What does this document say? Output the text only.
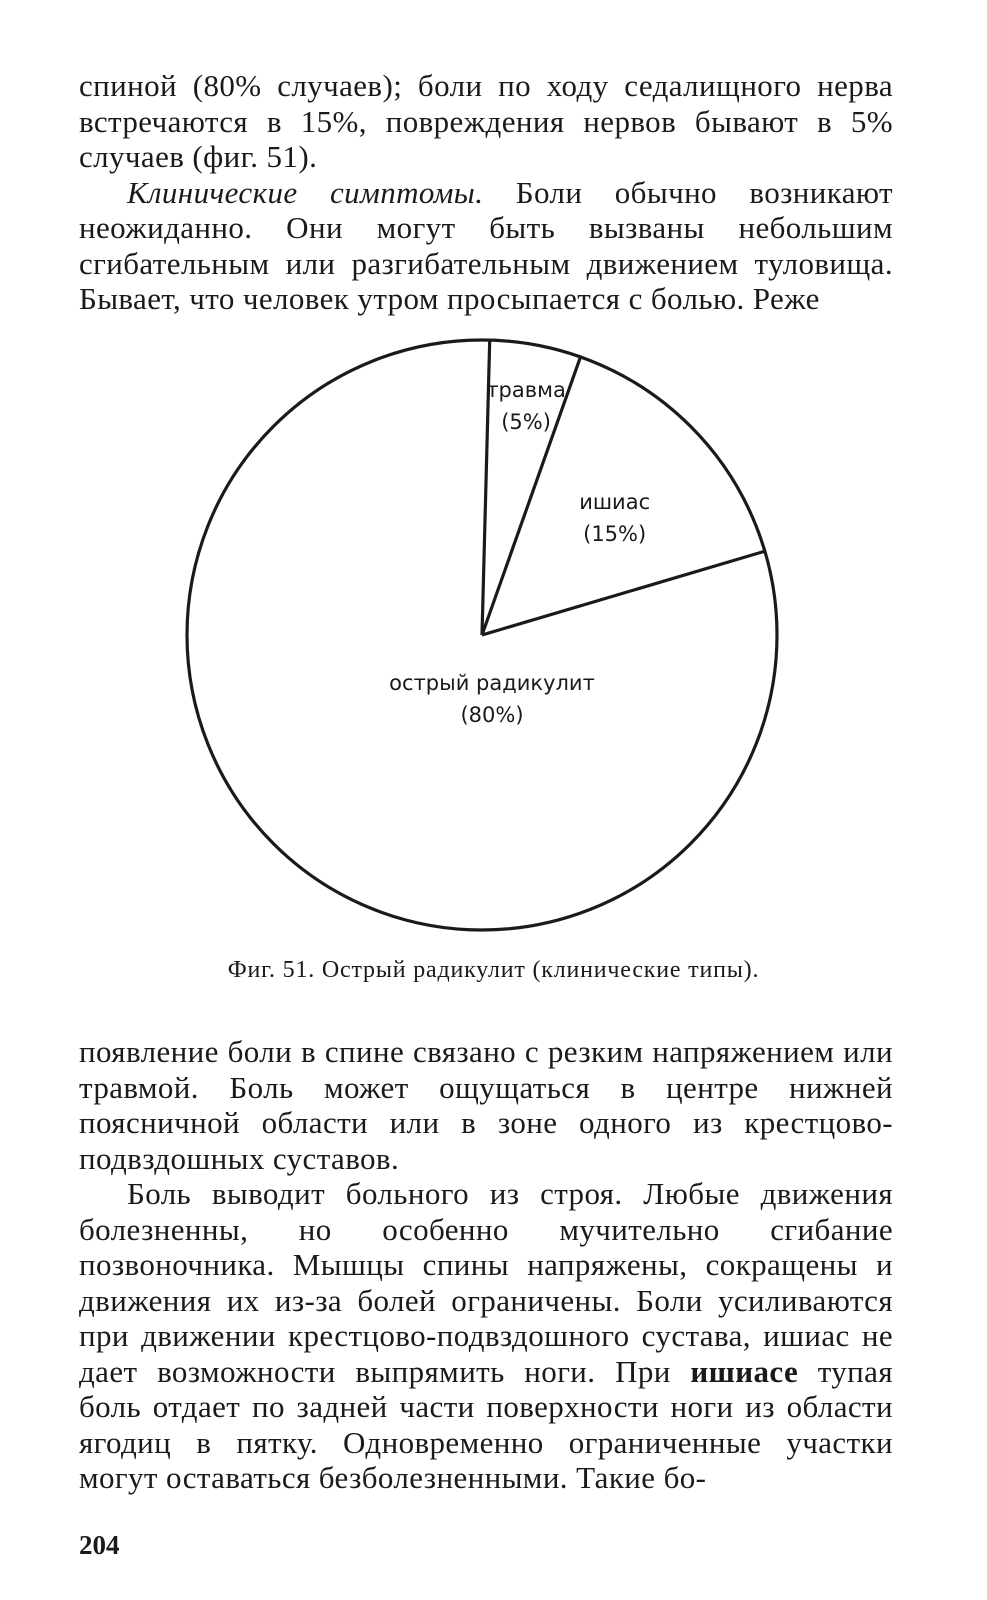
спиной (80% случаев); боли по ходу седалищного нерва встречаются в 15%, повреждения нервов бывают в 5% случаев (фиг. 51).

Клинические симптомы. Боли обычно возникают неожиданно. Они могут быть вызваны небольшим сгибательным или разгибательным движением туловища. Бывает, что человек утром просыпается с болью. Реже

острый радикулит
(80%)
ишиас
(15%)
травма
(5%)
Фиг. 51. Острый радикулит (клинические типы).

появление боли в спине связано с резким напряжением или травмой. Боль может ощущаться в центре нижней поясничной области или в зоне одного из крестцово-подвздошных суставов.

Боль выводит больного из строя. Любые движения болезненны, но особенно мучительно сгибание позвоночника. Мышцы спины напряжены, сокращены и движения их из-за болей ограничены. Боли усиливаются при движении крестцово-подвздошного сустава, ишиас не дает возможности выпрямить ноги. При ишиасе тупая боль отдает по задней части поверхности ноги из области ягодиц в пятку. Одновременно ограниченные участки могут оставаться безболезненными. Такие бо-

204
